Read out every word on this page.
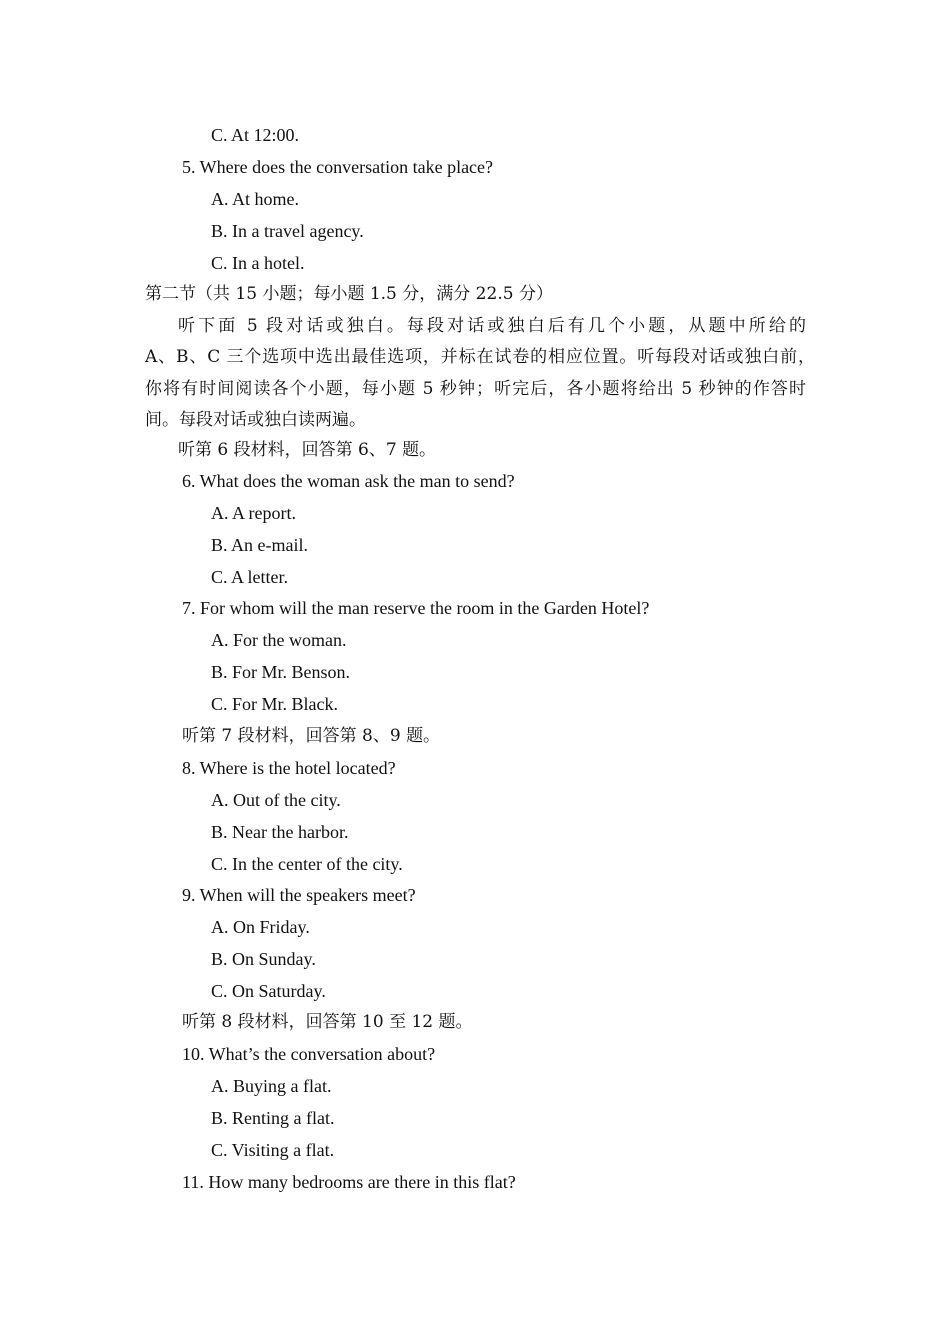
C. At 12:00.
5. Where does the conversation take place?
A. At home.
B. In a travel agency.
C. In a hotel.
第二节（共 15 小题；每小题 1.5 分，满分 22.5 分）
听下面 5 段对话或独白。每段对话或独白后有几个小题，从题中所给的
A、B、C 三个选项中选出最佳选项，并标在试卷的相应位置。听每段对话或独白前，
你将有时间阅读各个小题，每小题 5 秒钟；听完后，各小题将给出 5 秒钟的作答时
间。每段对话或独白读两遍。
听第 6 段材料，回答第 6、7 题。
6. What does the woman ask the man to send?
A. A report.
B. An e-mail.
C. A letter.
7. For whom will the man reserve the room in the Garden Hotel?
A. For the woman.
B. For Mr. Benson.
C. For Mr. Black.
听第 7 段材料，回答第 8、9 题。
8. Where is the hotel located?
A. Out of the city.
B. Near the harbor.
C. In the center of the city.
9. When will the speakers meet?
A. On Friday.
B. On Sunday.
C. On Saturday.
听第 8 段材料，回答第 10 至 12 题。
10. What’s the conversation about?
A. Buying a flat.
B. Renting a flat.
C. Visiting a flat.
11. How many bedrooms are there in this flat?
